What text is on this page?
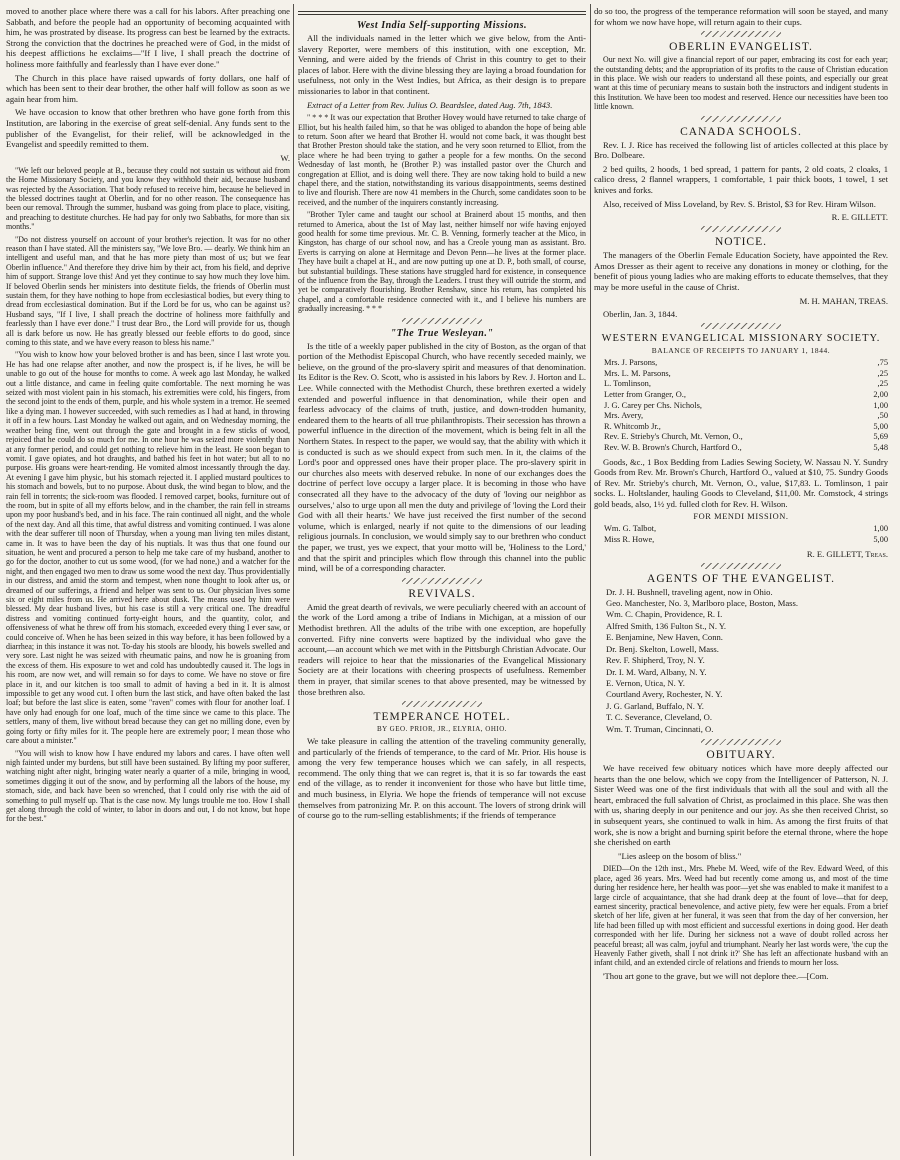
moved to another place where there was a call for his labors. After preaching one Sabbath, and before the people had an opportunity of becoming acquainted with him, he was prostrated by disease. Its progress can best be learned by the extracts. Strong the conviction that the doctrines he preached were of God, in the midst of his deepest afflictions he exclaims—"If I live, I shall preach the doctrine of holiness more faithfully and fearlessly than I have ever done."

The Church in this place have raised upwards of forty dollars, one half of which has been sent to their dear brother, the other half will follow as soon as we again hear from him.

We have occasion to know that other brethren who have gone forth from this Institution, are laboring in the exercise of great self-denial. Any funds sent to the publisher of the Evangelist, for their relief, will be acknowledged in the Evangelist and speedily remitted to them.

W.

"We left our beloved people at B., because they could not sustain us without aid from the Home Missionary Society, and you know they withhold their aid, because husband was rejected by the Association. That body refused to receive him, because he believed in the blessed doctrines taught at Oberlin, and for no other reason. The consequence has been our removal. Through the summer, husband was going from place to place, visiting, and preaching to destitute churches. He had pay for only two Sabbaths, for more than six months."

"Do not distress yourself on account of your brother's rejection. It was for no other reason than I have stated. All the ministers say, "We love Bro. — dearly. We think him an intelligent and useful man, and that he has more piety than most of us; but we fear Oberlin influence." And therefore they drive him by their act, from his field, and deprive him of support. Strange love this! And yet they continue to say how much they love him. If beloved Oberlin sends her ministers into destitute fields, the friends of Oberlin must sustain them, for they have nothing to hope from ecclesiastical bodies, but every thing to dread from ecclesiastical domination. But if the Lord be for us, who can be against us? Husband says, "If I live, I shall preach the doctrine of holiness more faithfully and fearlessly than I have ever done." I trust dear Bro., the Lord will provide for us, though all is dark before us now. He has greatly blessed our feeble efforts to do good, since coming to this state, and we have every reason to bless his name."

"You wish to know how your beloved brother is and has been, since I last wrote you. He has had one relapse after another, and now the prospect is, if he lives, he will be unable to go out of the house for months to come. A week ago last Monday, he walked out a little distance, and came in feeling quite comfortable. The next morning he was seized with most violent pain in his stomach, his extremities were cold, his fingers, from the second joint to the ends of them, purple, and his whole system in a tremor. He seemed like a dying man. I however succeeded, with such remedies as I had at hand, in throwing it off in a few hours. Last Monday he walked out again, and on Wednesday morning, the weather being fine, went out through the gate and brought in a few sticks of wood, rejoiced that he could do so much for me. In one hour he was seized more violently than at any former period, and could get nothing to relieve him in the least. He soon began to vomit. I gave opiates, and hot draughts, and bathed his feet in hot water; but all to no purpose. His groans were heart-rending. He vomited almost incessantly through the day. At evening I gave him physic, but his stomach rejected it. I applied mustard poultices to his stomach and bowels, but to no purpose. About dusk, the wind began to blow, and the rain fell in torrents; the sick-room was flooded. I removed carpet, books, furniture out of the room, but in spite of all my efforts below, and in the chamber, the rain fell in streams upon my poor husband's bed, and in his face. The rain continued all night, and the whole of the next day. And all this time, that awful distress and vomiting continued. I was alone with the dear sufferer till noon of Thursday, when a young man living ten miles distant, came in. It was to have been the day of his nuptials. It was thus that one found our situation, he went and procured a person to help me take care of my husband, another to go for the doctor, another to cut us some wood, (for we had none,) and a watcher for the night, and then engaged two men to draw us some wood the next day. Thus providentially in our distress, and amid the storm and tempest, when none thought to look after us, or dreamed of our sufferings, a friend and helper was sent to us. Our physician lives some six or eight miles from us. He arrived here about dusk. The means used by him were blessed. My dear husband lives, but his case is still a very critical one. The dreadful distress and vomiting continued forty-eight hours, and the quantity, color, and offensiveness of what he threw off from his stomach, exceeded every thing I ever saw, or could conceive of. When he has been seized in this way before, it has been followed by a diarrhea; in this instance it was not. To-day his stools are bloody, his bowels swelled and very sore. Last night he was seized with rheumatic pains, and now he is groaning from the excess of them. His exposure to wet and cold has undoubtedly caused it. The logs in his room, are now wet, and will remain so for days to come. We have no stove or fire place in it, and our kitchen is too small to admit of having a bed in it. It is almost impossible to get any wood cut. I often burn the last stick, and have often baked the last loaf; but before the last slice is eaten, some "raven" comes with flour for another loaf. I have only had enough for one loaf, much of the time since we came to this place. The settlers, many of them, live without bread because they can get no milling done, even by going forty or fifty miles for it. The people here are extremely poor; I mean those who care about a minister."

"You will wish to know how I have endured my labors and cares. I have often well nigh fainted under my burdens, but still have been sustained. By lifting my poor sufferer, watching night after night, bringing water nearly a quarter of a mile, bringing in wood, sometimes digging it out of the snow, and by performing all the labors of the house, my stomach, side, and back have been so wrenched, that I could only rise with the aid of something to pull myself up. That is the case now. My lungs trouble me too. How I shall get along through the cold of winter, to labor in doors and out, I do not know, but hope for the best."

West India Self-supporting Missions.

All the individuals named in the letter which we give below, from the Anti-slavery Reporter, were members of this institution, with one exception, Mr. Venning, and were aided by the friends of Christ in this country to get to their places of labor. Here with the divine blessing they are laying a broad foundation for usefulness, not only in the West Indies, but Africa, as their design is to prepare missionaries to labor in that continent.

Extract of a Letter from Rev. Julius O. Beardslee, dated Aug. 7th, 1843.

" * * * It was our expectation that Brother Hovey would have returned to take charge of Elliot, but his health failed him, so that he was obliged to abandon the hope of being able to return. Soon after we heard that Brother H. would not come back, it was thought best that Brother Preston should take the station, and he very soon returned to Elliot, from the place where he had been trying to gather a people for a few months. On the second Wednesday of last month, he (Brother P.) was installed pastor over the Church and congregation at Elliot, and is doing well there. They are now taking hold to build a new chapel there, and the station, notwithstanding its various disappointments, seems destined to live and flourish. There are now 41 members in the Church, some candidates soon to be received, and the number of the inquirers constantly increasing.

"Brother Tyler came and taught our school at Brainerd about 15 months, and then returned to America, about the 1st of May last, neither himself nor wife having enjoyed good health for some time previous. Mr. C. B. Venning, formerly teacher at the Mico, in Kingston, has charge of our school now, and has a Creole young man as assistant. Bro. Everts is carrying on alone at Hermitage and Devon Penn—he lives at the former place. They have built a chapel at H., and are now putting up one at D. P., both small, of course, but substantial buildings. These stations have struggled hard for existence, in consequence of the influence from the Bay, through the Leaders. I trust they will outride the storm, and yet be comparatively flourishing. Brother Renshaw, since his return, has completed his chapel, and a comfortable residence connected with it., and I believe his numbers are gradually increasing. * * *

"The True Wesleyan."

Is the title of a weekly paper published in the city of Boston, as the organ of that portion of the Methodist Episcopal Church, who have recently seceded mainly, we believe, on the ground of the pro-slavery spirit and measures of that denomination. Its Editor is the Rev. O. Scott, who is assisted in his labors by Rev. J. Horton and L. Lee. While connected with the Methodist Church, these brethren exerted a widely extended and powerful influence in that denomination, while their open and fearless advocacy of the claims of truth, justice, and down-trodden humanity, endeared them to the hearts of all true philanthropists. Their secession has thrown a powerful influence in the direction of the movement, which is being felt in all the Northern States. In respect to the paper, we would say, that the ability with which it is conducted is such as we should expect from such men. In it, the claims of the Lord's poor and oppressed ones have their proper place. The pro-slavery spirit in our churches also meets with deserved rebuke. In none of our exchanges does the doctrine of perfect love occupy a larger place. It is becoming in those who have consecrated all they have to the advocacy of the duty of 'loving our neighbor as ourselves,' also to urge upon all men the duty and privilege of 'loving the Lord their God with all their hearts.' We have just received the first number of the second volume, which is enlarged, nearly if not quite to the dimensions of our leading religious journals. In conclusion, we would simply say to our brethren who conduct the paper, we trust, yes we expect, that your motto will be, 'Holiness to the Lord,' and that the spirit and principles which flow through this channel into the public mind, will be of a corresponding character.

REVIVALS.

Amid the great dearth of revivals, we were peculiarly cheered with an account of the work of the Lord among a tribe of Indians in Michigan, at a mission of our Methodist brethren. All the adults of the tribe with one exception, are hopefully converted. Fifty nine converts were baptized by the individual who gave the account,—an account which we met with in the Pittsburgh Christian Advocate. Our readers will rejoice to hear that the missionaries of the Evangelical Missionary Society are at their locations with cheering prospects of usefulness. Remember them in prayer, that similar scenes to that above presented, may be witnessed by those brethren also.

TEMPERANCE HOTEL.
BY GEO. PRIOR, JR., ELYRIA, OHIO.

We take pleasure in calling the attention of the traveling community generally, and particularly of the friends of temperance, to the card of Mr. Prior. His house is among the very few temperance houses which we can safely, in all respects, recommend. The only thing that we can regret is, that it is so far towards the east end of the village, as to render it inconvenient for those who have but little time, and much business, in Elyria. We hope the friends of temperance will not excuse themselves from patronizing Mr. P. on this account. The lovers of strong drink will of course go to the rum-selling establishments; if the friends of temperance

do so too, the progress of the temperance reformation will soon be stayed, and many for whom we now have hope, will return again to their cups.

OBERLIN EVANGELIST.

Our next No. will give a financial report of our paper, embracing its cost for each year; the outstanding debts; and the appropriation of its profits to the cause of Christian education in this place. We wish our readers to understand all these points, and especially our great want at this time of pecuniary means to sustain both the instructors and indigent students in this Institution. We have been too modest and reserved. Hence our necessities have been too little known.

CANADA SCHOOLS.

Rev. I. J. Rice has received the following list of articles collected at this place by Bro. Dolbeare.

2 bed quilts, 2 hoods, 1 bed spread, 1 pattern for pants, 2 old coats, 2 cloaks, 1 calico dress, 2 flannel wrappers, 1 comfortable, 1 pair thick boots, 1 towel, 1 set knives and forks.

Also, received of Miss Loveland, by Rev. S. Bristol, $3 for Rev. Hiram Wilson.

R. E. GILLETT.
NOTICE.

The managers of the Oberlin Female Education Society, have appointed the Rev. Amos Dresser as their agent to receive any donations in money or clothing, for the benefit of pious young ladies who are making efforts to educate themselves, that they may be more useful in the cause of Christ.

M. H. MAHAN, TREAS.

Oberlin, Jan. 3, 1844.

WESTERN EVANGELICAL MISSIONARY SOCIETY.
BALANCE OF RECEIPTS TO JANUARY 1, 1844.
Mrs. J. Parsons,	,75
Mrs. L. M. Parsons,	,25
L. Tomlinson,	,25
Letter from Granger, O.,	2,00
J. G. Carey per Chs. Nichols,	1,00
Mrs. Avery,	,50
R. Whitcomb Jr.,	5,00
Rev. E. Strieby's Church, Mt. Vernon, O.,	5,69
Rev. W. B. Brown's Church, Hartford O.,	5,48

Goods, &c., 1 Box Bedding from Ladies Sewing Society, W. Nassau N. Y. Sundry Goods from Rev. Mr. Brown's Church, Hartford O., valued at $10, 75. Sundry Goods of Rev. Mr. Strieby's church, Mt. Vernon, O., value, $17,83. L. Tomlinson, 1 pair socks. L. Holtslander, hauling Goods to Cleveland, $11,00. Mr. Comstock, 4 strings gold beads, also, 1½ yd. fulled cloth for Rev. H. Wilson.

FOR MENDI MISSION.
Wm. G. Talbot,	1,00
Miss R. Howe,	5,00
R. E. GILLETT, Treas.
AGENTS OF THE EVANGELIST.
Dr. J. H. Bushnell, traveling agent, now in Ohio.
Geo. Manchester, No. 3, Marlboro place, Boston, Mass.
Wm. C. Chapin, Providence, R. I.
Alfred Smith, 136 Fulton St., N. Y.
E. Benjamine, New Haven, Conn.
Dr. Benj. Skelton, Lowell, Mass.
Rev. F. Shipherd, Troy, N. Y.
Dr. I. M. Ward, Albany, N. Y.
E. Vernon, Utica, N. Y.
Courtland Avery, Rochester, N. Y.
J. G. Garland, Buffalo, N. Y.
T. C. Severance, Cleveland, O.
Wm. T. Truman, Cincinnati, O.
OBITUARY.

We have received few obituary notices which have more deeply affected our hearts than the one below, which we copy from the Intelligencer of Patterson, N. J. Sister Weed was one of the first individuals that with all the soul and with all the heart, embraced the full salvation of Christ, as proclaimed in this place. She was then with us, sharing deeply in our penitence and our joy. As she then received Christ, so in subsequent years, she continued to walk in him. As among the first fruits of that work, she is now a bright and burning spirit before the eternal throne, where the hope she cherished on earth

"Lies asleep on the bosom of bliss."

DIED—On the 12th inst., Mrs. Phebe M. Weed, wife of the Rev. Edward Weed, of this place, aged 36 years. Mrs. Weed had but recently come among us, and most of the time during her residence here, her health was poor—yet she was enabled to make it manifest to a large circle of acquaintance, that she had drank deep at the fount of love—that for deep, earnest sincerity, practical benevolence, and active piety, few were her equals. From a brief sketch of her life, given at her funeral, it was seen that from the day of her conversion, her life had been filled up with most efficient and successful exertions in doing good. Her death corresponded with her life. During her sickness not a wave of doubt rolled across her peaceful breast; all was calm, joyful and triumphant. Nearly her last words were, 'the cup the Heavenly Father giveth, shall I not drink it?' She has left an affectionate husband with an infant child, and an extended circle of relations and friends to mourn her loss.

'Thou art gone to the grave, but we will not deplore thee.—[Com.
